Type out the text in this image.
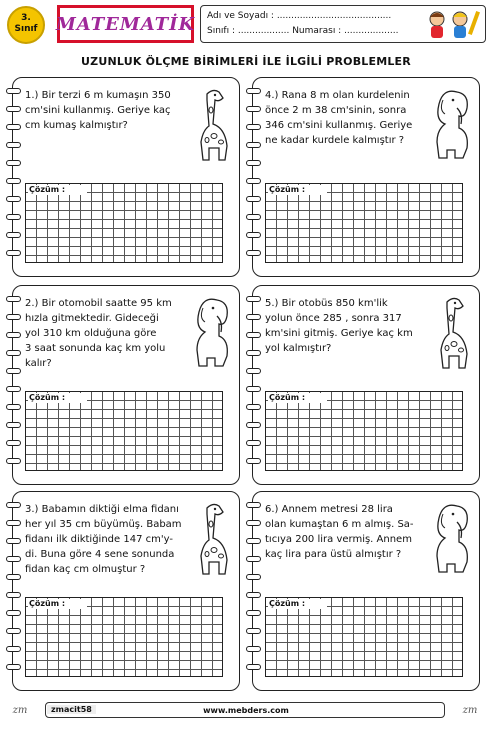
3.
Sınıf	MATEMATİK Adı ve Soyadı : ........................................
Sınıfı : .................. Numarası : ...................
UZUNLUK ÖLÇME BİRİMLERİ İLE İLGİLİ PROBLEMLER
1.) Bir terzi 6 m kumaşın 350
cm'sini kullanmış. Geriye kaç
cm kumaş kalmıştır?
Çözüm :
4.) Rana 8 m olan kurdelenin
önce 2 m 38 cm'sinin, sonra
346 cm'sini kullanmış. Geriye
ne kadar kurdele kalmıştır ?
Çözüm :
2.) Bir otomobil saatte 95 km
hızla gitmektedir. Gideceği
yol 310 km olduğuna göre
3 saat sonunda kaç km yolu
kalır?
Çözüm :
5.) Bir otobüs 850 km'lik
yolun önce 285 , sonra 317
km'sini gitmiş. Geriye kaç km
yol kalmıştır?
Çözüm :
3.) Babamın diktiği elma fidanı
her yıl 35 cm büyümüş. Babam
fidanı ilk diktiğinde 147 cm'y-
di. Buna göre 4 sene sonunda
fidan kaç cm olmuştur ?
Çözüm :
6.) Annem metresi 28 lira
olan kumaştan 6 m almış. Sa-
tıcıya 200 lira vermiş. Annem
kaç lira para üstü almıştır ?
Çözüm :
zm	zmacit58	www.mebders.com	zm
